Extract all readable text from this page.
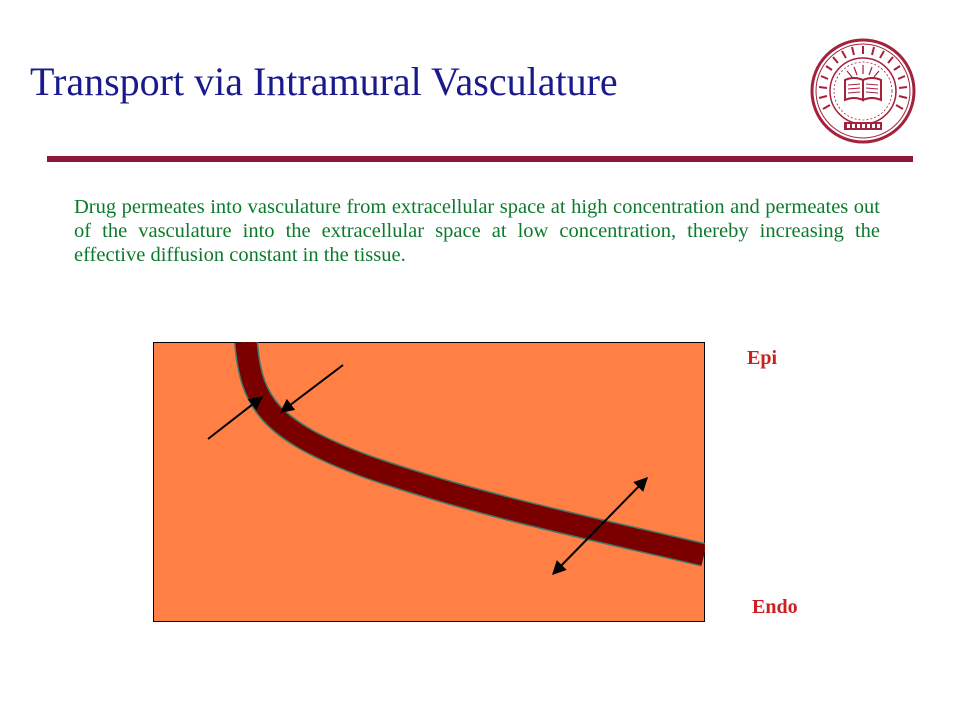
Transport via Intramural Vasculature

Drug permeates into vasculature from extracellular space at high concentration and permeates out of the vasculature into the extracellular space at low concentration, thereby increasing the effective diffusion constant in the tissue.

Epi
Endo
